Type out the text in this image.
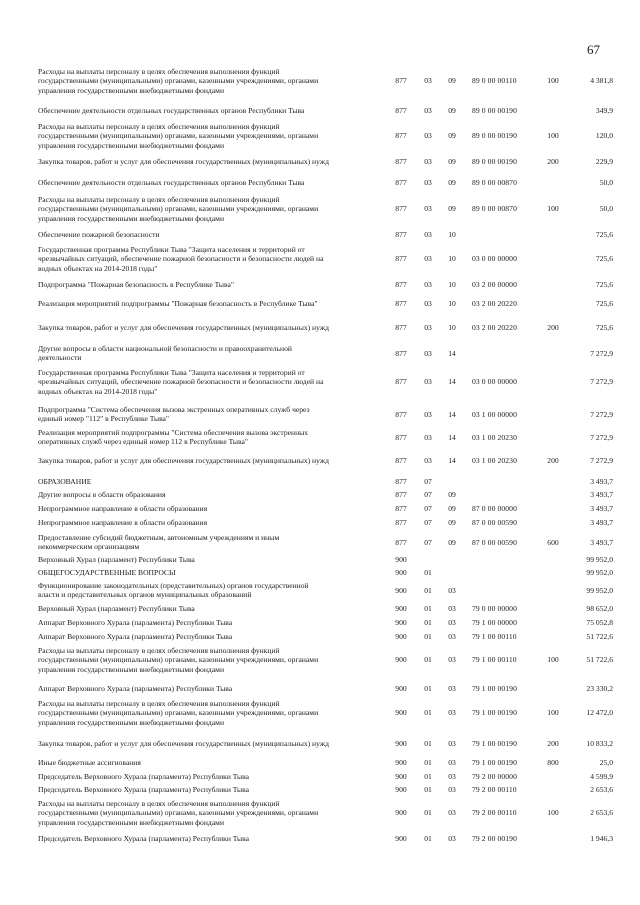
67
Расходы на выплаты персоналу в целях обеспечения выполнения функций
государственными (муниципальными) органами, казенными учреждениями, органами
управления государственными внебюджетными фондами
877	03	09	89 0 00 00110	100	4 381,8
Обеспечение деятельности отдельных государственных органов Республики Тыва	877	03	09	89 0 00 00190	349,9
Расходы на выплаты персоналу в целях обеспечения выполнения функций
государственными (муниципальными) органами, казенными учреждениями, органами
управления государственными внебюджетными фондами
877	03	09	89 0 00 00190	100	120,0
Закупка товаров, работ и услуг для обеспечения государственных (муниципальных) нужд	877	03	09	89 0 00 00190	200	229,9
Обеспечение деятельности отдельных государственных органов Республики Тыва	877	03	09	89 0 00 00870	50,0
Расходы на выплаты персоналу в целях обеспечения выполнения функций
государственными (муниципальными) органами, казенными учреждениями, органами
управления государственными внебюджетными фондами
877	03	09	89 0 00 00870	100	50,0
Обеспечение пожарной безопасности	877	03	10	725,6
Государственная программа Республики Тыва "Защита населения и территорий от
чрезвычайных ситуаций, обеспечение пожарной безопасности и безопасности людей на
водных объектах на 2014-2018 годы"
877	03	10	03 0 00 00000	725,6
Подпрограмма "Пожарная безопасность в Республике Тыва"	877	03	10	03 2 00 00000	725,6
Реализация мероприятий подпрограммы "Пожарная безопасность в Республике Тыва"	877	03	10	03 2 00 20220	725,6
Закупка товаров, работ и услуг для обеспечения государственных (муниципальных) нужд	877	03	10	03 2 00 20220	200	725,6
Другие вопросы в области национальной безопасности и правоохранительной
деятельности
877	03	14	7 272,9
Государственная программа Республики Тыва "Защита населения и территорий от
чрезвычайных ситуаций, обеспечение пожарной безопасности и безопасности людей на
водных объектах на 2014-2018 годы"
877	03	14	03 0 00 00000	7 272,9
Подпрограмма "Система обеспечения вызова экстренных оперативных служб через
единый номер "112" в Республике Тыва"
877	03	14	03 1 00 00000	7 272,9
Реализация мероприятий подпрограммы "Система обеспечения вызова экстренных
оперативных служб через единый номер 112 в Республике Тыва"
877	03	14	03 1 00 20230	7 272,9
Закупка товаров, работ и услуг для обеспечения государственных (муниципальных) нужд	877	03	14	03 1 00 20230	200	7 272,9
ОБРАЗОВАНИЕ	877	07	3 493,7
Другие вопросы в области образования	877	07	09	3 493,7
Непрограммное направление в области образования	877	07	09	87 0 00 00000	3 493,7
Непрограммное направление в области образования	877	07	09	87 0 00 00590	3 493,7
Предоставление субсидий бюджетным, автономным учреждениям и иным
некоммерческим организациям
877	07	09	87 0 00 00590	600	3 493,7
Верховный Хурал (парламент) Республики Тыва	900	99 952,0
ОБЩЕГОСУДАРСТВЕННЫЕ ВОПРОСЫ	900	01	99 952,0
Функционирование законодательных (представительных) органов государственной
власти и представительных органов муниципальных образований
900	01	03	99 952,0
Верховный Хурал (парламент) Республики Тыва	900	01	03	79 0 00 00000	98 652,0
Аппарат Верховного Хурала (парламента) Республики Тыва	900	01	03	79 1 00 00000	75 052,8
Аппарат Верховного Хурала (парламента) Республики Тыва	900	01	03	79 1 00 00110	51 722,6
Расходы на выплаты персоналу в целях обеспечения выполнения функций
государственными (муниципальными) органами, казенными учреждениями, органами
управления государственными внебюджетными фондами
900	01	03	79 1 00 00110	100	51 722,6
Аппарат Верховного Хурала (парламента) Республики Тыва	900	01	03	79 1 00 00190	23 330,2
Расходы на выплаты персоналу в целях обеспечения выполнения функций
государственными (муниципальными) органами, казенными учреждениями, органами
управления государственными внебюджетными фондами
900	01	03	79 1 00 00190	100	12 472,0
Закупка товаров, работ и услуг для обеспечения государственных (муниципальных) нужд	900	01	03	79 1 00 00190	200	10 833,2
Иные бюджетные ассигнования	900	01	03	79 1 00 00190	800	25,0
Председатель Верховного Хурала (парламента) Республики Тыва	900	01	03	79 2 00 00000	4 599,9
Председатель Верховного Хурала (парламента) Республики Тыва	900	01	03	79 2 00 00110	2 653,6
Расходы на выплаты персоналу в целях обеспечения выполнения функций
государственными (муниципальными) органами, казенными учреждениями, органами
управления государственными внебюджетными фондами
900	01	03	79 2 00 00110	100	2 653,6
Председатель Верховного Хурала (парламента) Республики Тыва	900	01	03	79 2 00 00190	1 946,3
